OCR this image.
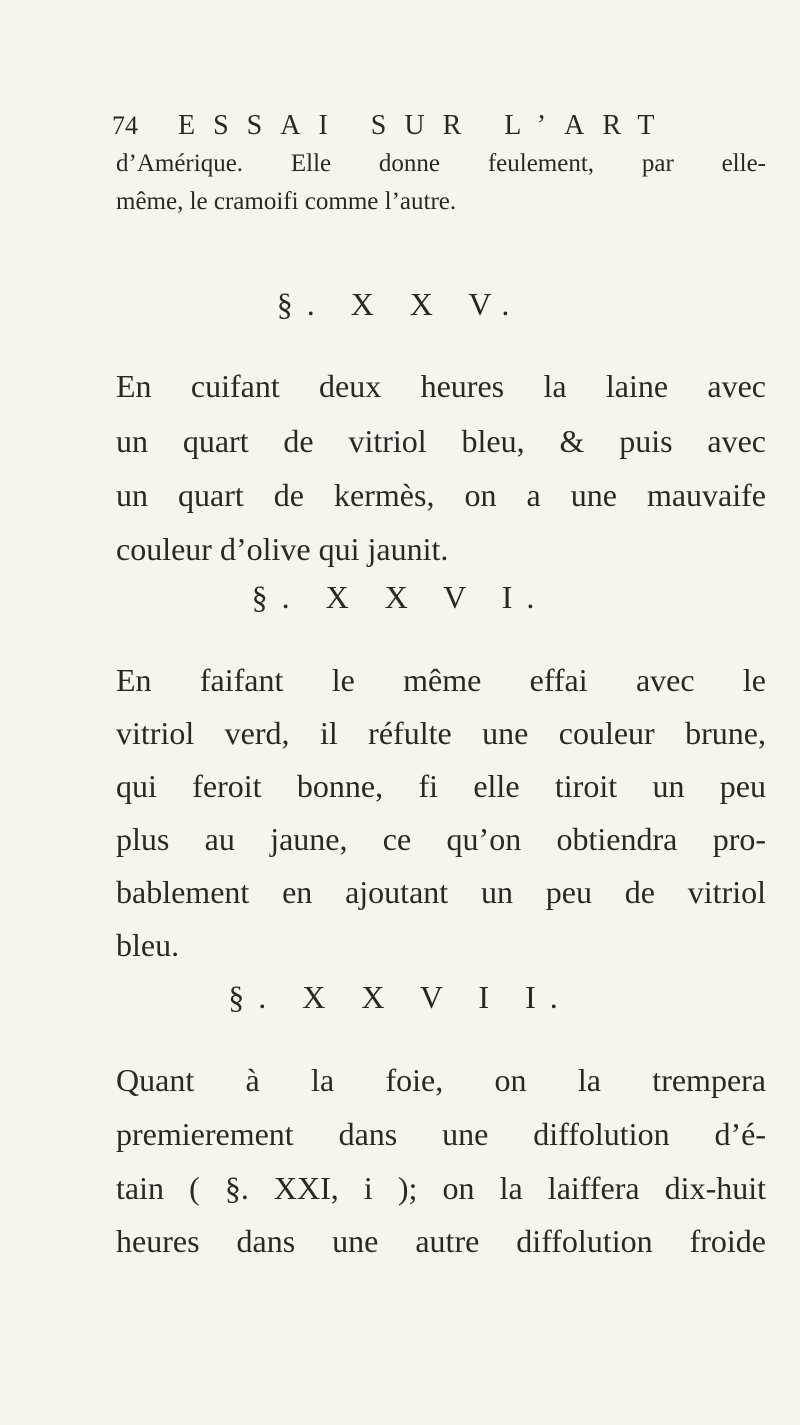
74 ESSAI SUR L’ART
d’Amérique. Elle donne feulement, par elle-
même, le cramoifi comme l’autre.
§. X X V.
En cuifant deux heures la laine avec
un quart de vitriol bleu, & puis avec
un quart de kermès, on a une mauvaife
couleur d’olive qui jaunit.
§. X X V I.
En faifant le même effai avec le
vitriol verd, il réfulte une couleur brune,
qui feroit bonne, fi elle tiroit un peu
plus au jaune, ce qu’on obtiendra pro-
bablement en ajoutant un peu de vitriol
bleu.
§. X X V I I.
Quant à la foie, on la trempera
premierement dans une diffolution d’é-
tain ( §. XXI, i ); on la laiffera dix-huit
heures dans une autre diffolution froide
